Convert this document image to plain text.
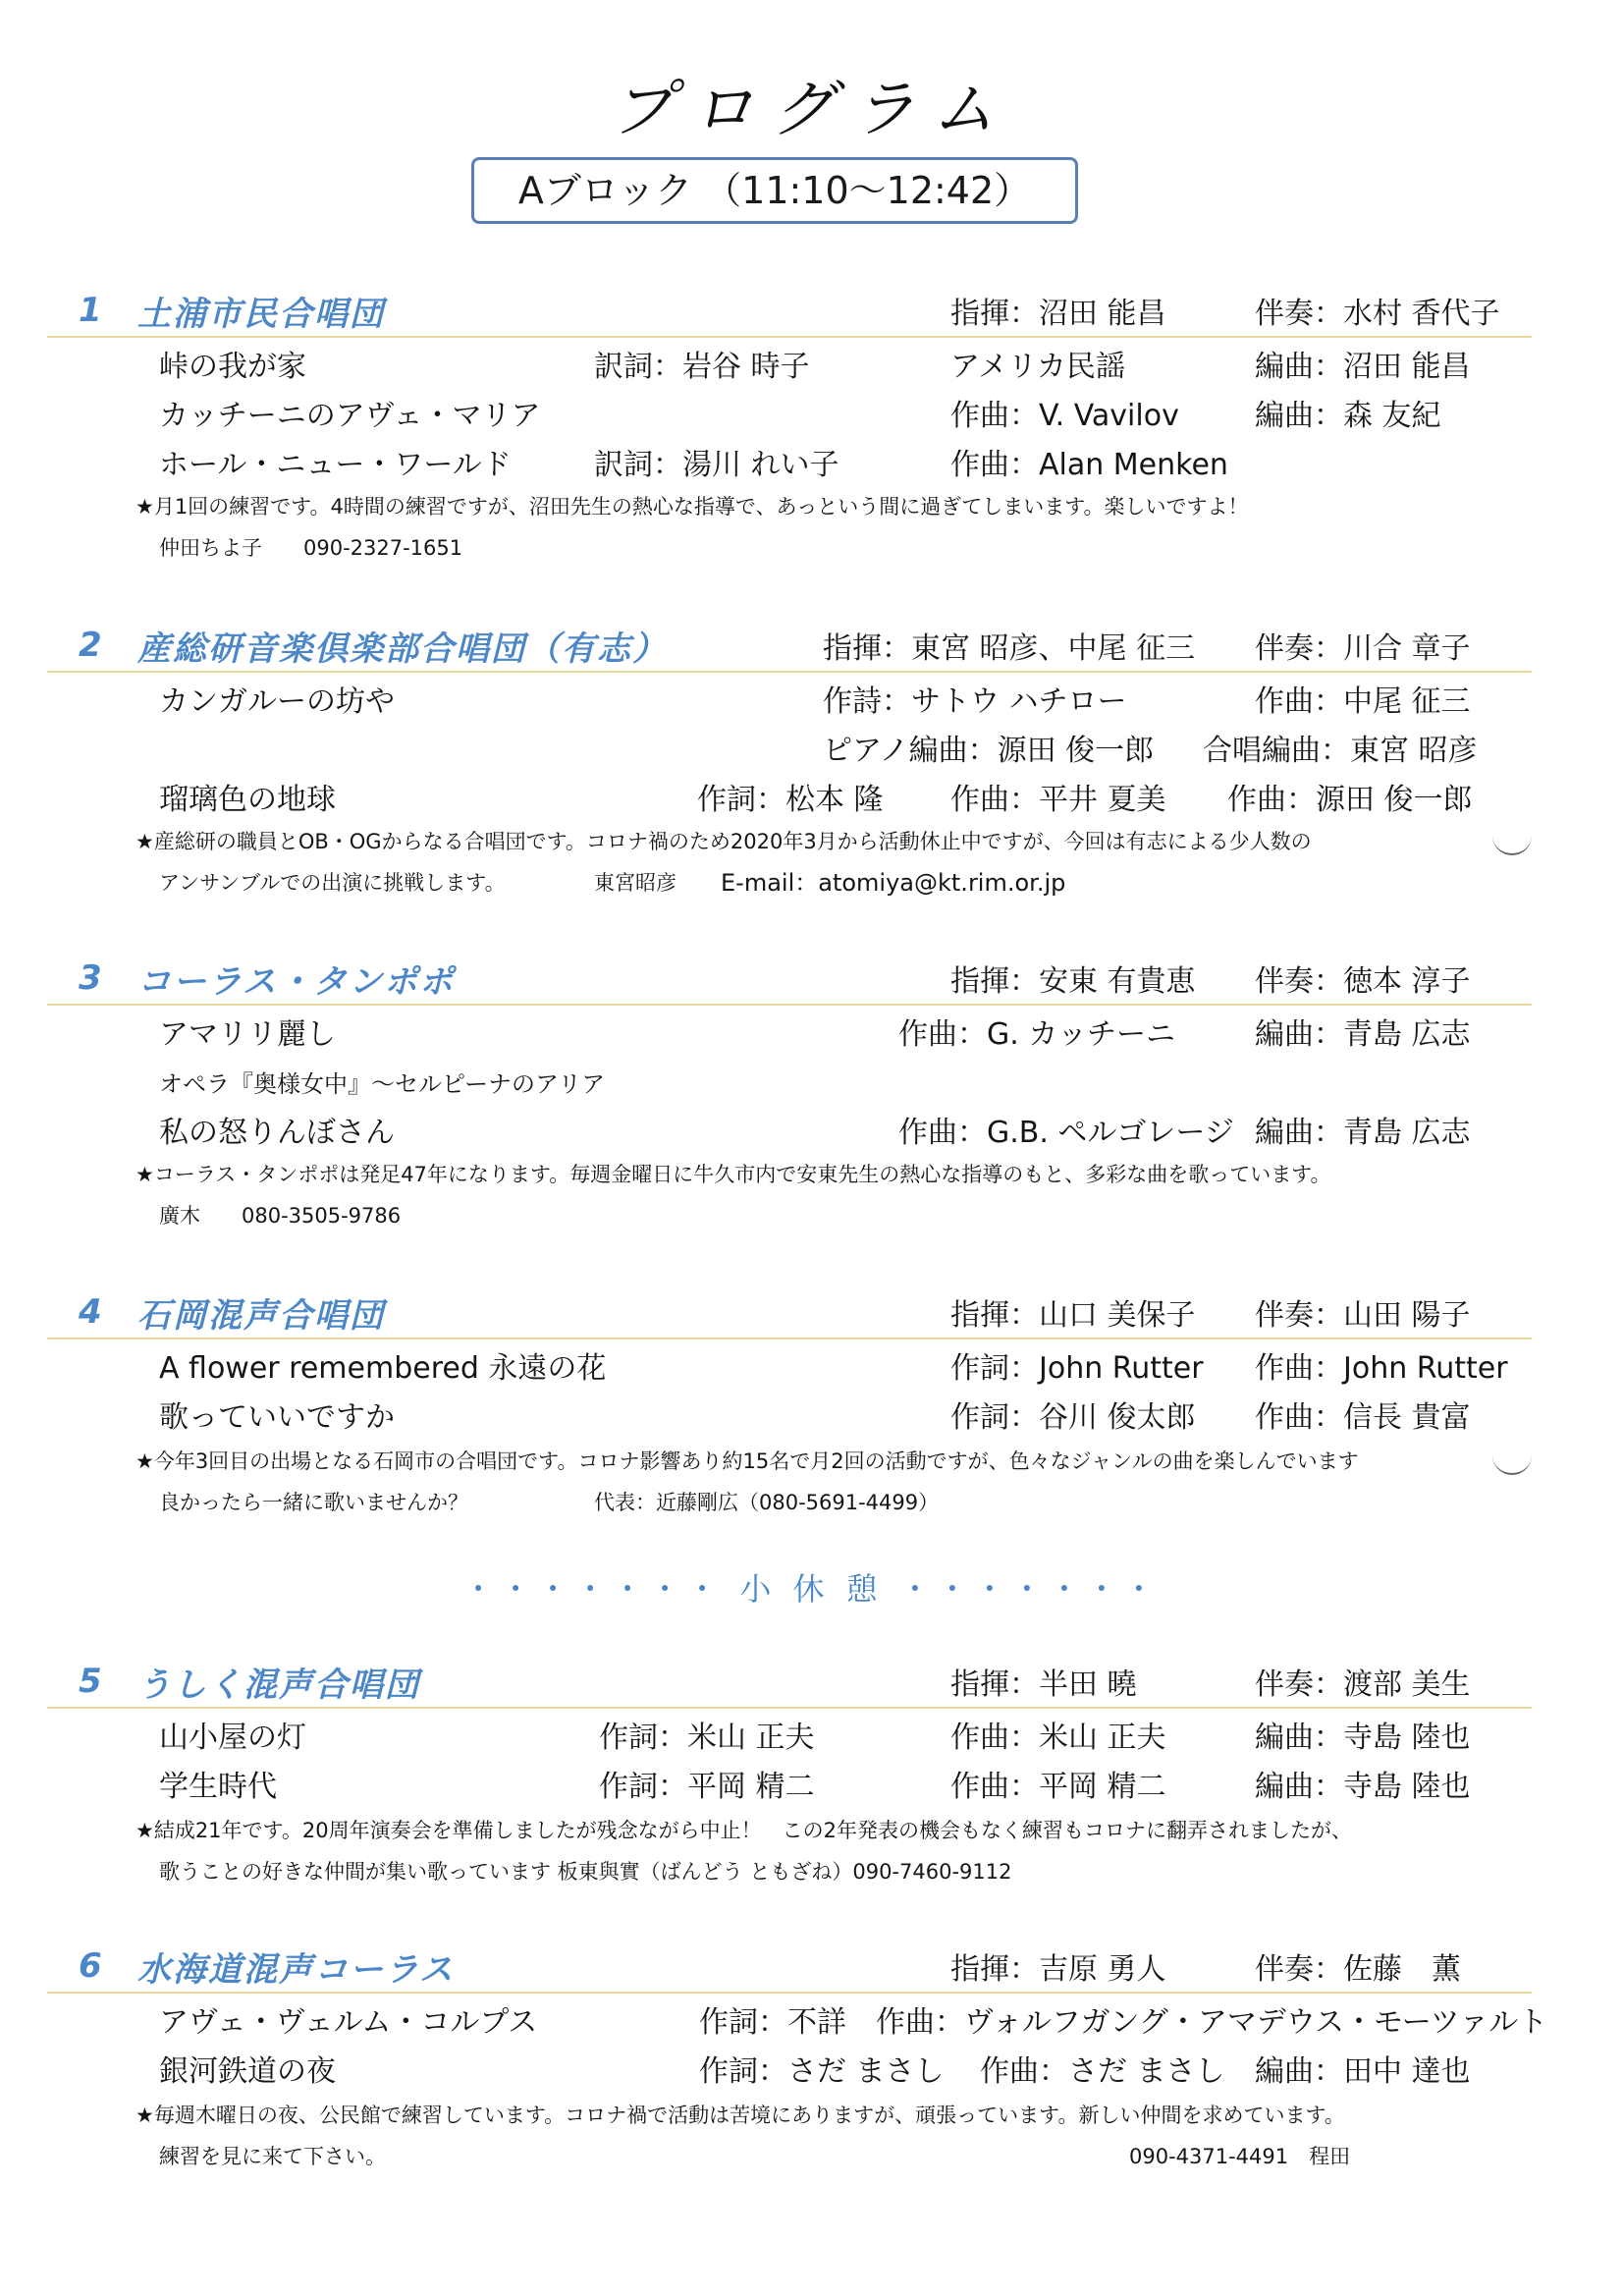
プログラム
Aブロック （11:10～12:42）
1 土浦市民合唱団	指揮：沼田 能昌	伴奏：水村 香代子
峠の我が家	訳詞：岩谷 時子	アメリカ民謡	編曲：沼田 能昌
カッチーニのアヴェ・マリア	作曲：V. Vavilov	編曲：森 友紀
ホール・ニュー・ワールド	訳詞：湯川 れい子	作曲：Alan Menken
★月1回の練習です。4時間の練習ですが、沼田先生の熱心な指導で、あっという間に過ぎてしまいます。楽しいですよ！
仲田ちよ子　　090-2327-1651
2 産総研音楽倶楽部合唱団（有志）	指揮：東宮 昭彦、中尾 征三 伴奏：川合 章子
カンガルーの坊や	作詩：サトウ ハチロー	作曲：中尾 征三
ピアノ編曲：源田 俊一郎 合唱編曲：東宮 昭彦
瑠璃色の地球	作詞：松本 隆 作曲：平井 夏美 作曲：源田 俊一郎
★産総研の職員とOB・OGからなる合唱団です。コロナ禍のため2020年3月から活動休止中ですが、今回は有志による少人数の
アンサンブルでの出演に挑戦します。	東宮昭彦 E-mail：atomiya@kt.rim.or.jp
3 コーラス・タンポポ	指揮：安東 有貴恵 伴奏：徳本 淳子
アマリリ麗し	作曲：G. カッチーニ	編曲：青島 広志
オペラ『奥様女中』～セルピーナのアリア
私の怒りんぼさん	作曲：G.B. ペルゴレージ 編曲：青島 広志
★コーラス・タンポポは発足47年になります。毎週金曜日に牛久市内で安東先生の熱心な指導のもと、多彩な曲を歌っています。
廣木　　080-3505-9786
4 石岡混声合唱団	指揮：山口 美保子 伴奏：山田 陽子
A flower remembered 永遠の花	作詞：John Rutter 作曲：John Rutter
歌っていいですか	作詞：谷川 俊太郎 作曲：信長 貴富
★今年3回目の出場となる石岡市の合唱団です。コロナ影響あり約15名で月2回の活動ですが、色々なジャンルの曲を楽しんでいます
良かったら一緒に歌いませんか？	代表：近藤剛広（080-5691-4499）
・・・・・・・ 小 休 憩 ・・・・・・・
5 うしく混声合唱団	指揮：半田 曉	伴奏：渡部 美生
山小屋の灯	作詞：米山 正夫	作曲：米山 正夫	編曲：寺島 陸也
学生時代	作詞：平岡 精二	作曲：平岡 精二	編曲：寺島 陸也
★結成21年です。20周年演奏会を準備しましたが残念ながら中止！　この2年発表の機会もなく練習もコロナに翻弄されましたが、
歌うことの好きな仲間が集い歌っています 板東與實（ばんどう ともざね）090-7460-9112
6 水海道混声コーラス	指揮：吉原 勇人	伴奏：佐藤　薫
アヴェ・ヴェルム・コルプス	作詞：不詳 作曲：ヴォルフガング・アマデウス・モーツァルト
銀河鉄道の夜	作詞：さだ まさし 作曲：さだ まさし 編曲：田中 達也
★毎週木曜日の夜、公民館で練習しています。コロナ禍で活動は苦境にありますが、頑張っています。新しい仲間を求めています。
練習を見に来て下さい。	090-4371-4491　程田
